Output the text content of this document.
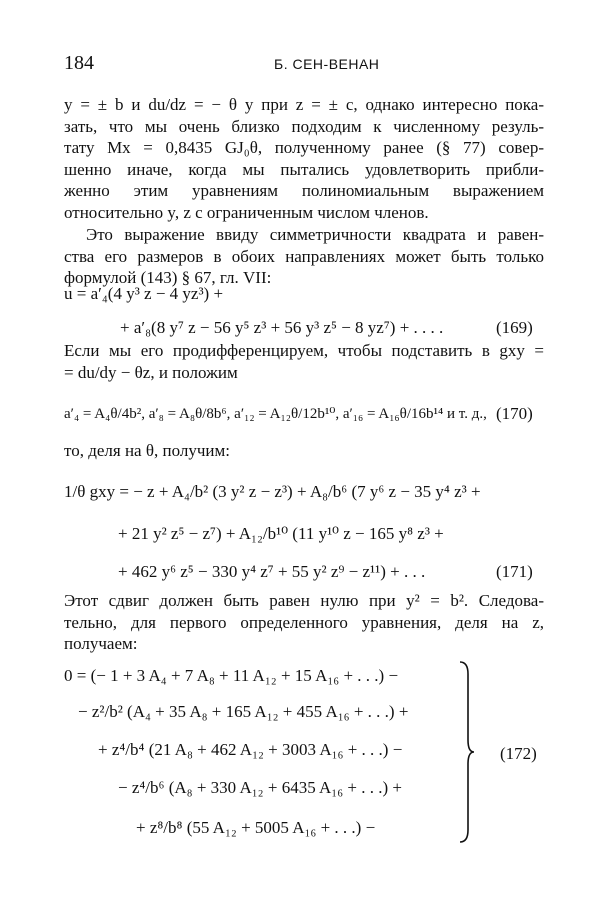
184	Б. СЕН-ВЕНАН
y = ± b и du/dz = − θ y при z = ± c, однако интересно пока-
зать, что мы очень близко подходим к численному резуль-
тату Mx = 0,8435 GJ₀θ, полученному ранее (§ 77) совер-
шенно иначе, когда мы пытались удовлетворить прибли-
женно этим уравнениям полиномиальным выражением
относительно y, z с ограниченным числом членов.
Это выражение ввиду симметричности квадрата и равен-
ства его размеров в обоих направлениях может быть только
формулой (143) § 67, гл. VII:
u = a′₄(4 y³ z − 4 yz³) +
+ a′₈(8 y⁷ z − 56 y⁵ z³ + 56 y³ z⁵ − 8 yz⁷) + . . . .	(169)
Если мы его продифференцируем, чтобы подставить в gxy =
= du/dy − θz, и положим
a′₄ = A₄θ/4b², a′₈ = A₈θ/8b⁶, a′₁₂ = A₁₂θ/12b¹⁰, a′₁₆ = A₁₆θ/16b¹⁴ и т. д., (170)
то, деля на θ, получим:
1/θ gxy = − z + A₄/b² (3 y² z − z³) + A₈/b⁶ (7 y⁶ z − 35 y⁴ z³ +
+ 21 y² z⁵ − z⁷) + A₁₂/b¹⁰ (11 y¹⁰ z − 165 y⁸ z³ +
+ 462 y⁶ z⁵ − 330 y⁴ z⁷ + 55 y² z⁹ − z¹¹) + . . .	(171)
Этот сдвиг должен быть равен нулю при y² = b². Следова-
тельно, для первого определенного уравнения, деля на z,
получаем:
0 = (− 1 + 3 A₄ + 7 A₈ + 11 A₁₂ + 15 A₁₆ + . . .) −
− z²/b² (A₄ + 35 A₈ + 165 A₁₂ + 455 A₁₆ + . . .) +
+ z⁴/b⁴ (21 A₈ + 462 A₁₂ + 3003 A₁₆ + . . .) −
− z⁴/b⁶ (A₈ + 330 A₁₂ + 6435 A₁₆ + . . .) +
+ z⁸/b⁸ (55 A₁₂ + 5005 A₁₆ + . . .) −
(172)
